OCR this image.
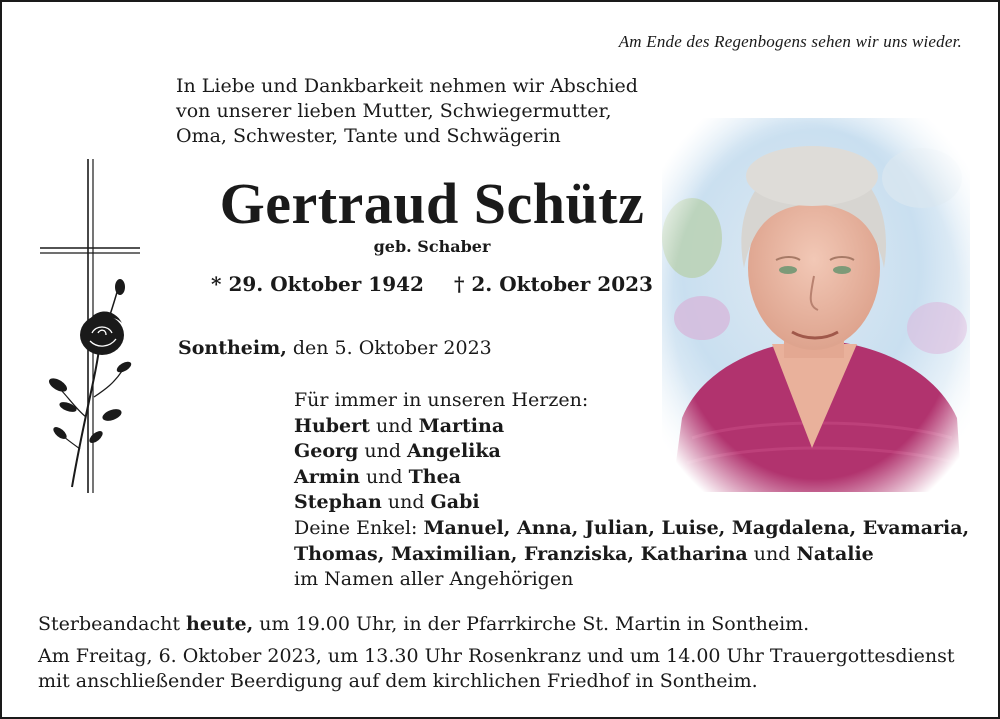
Am Ende des Regenbogens sehen wir uns wieder.
In Liebe und Dankbarkeit nehmen wir Abschied
von unserer lieben Mutter, Schwiegermutter,
Oma, Schwester, Tante und Schwägerin
Gertraud Schütz
geb. Schaber
* 29. Oktober 1942 † 2. Oktober 2023
Sontheim, den 5. Oktober 2023
Für immer in unseren Herzen:
Hubert und Martina
Georg und Angelika
Armin und Thea
Stephan und Gabi
Deine Enkel: Manuel, Anna, Julian, Luise, Magdalena, Evamaria,
Thomas, Maximilian, Franziska, Katharina und Natalie
im Namen aller Angehörigen
Sterbeandacht heute, um 19.00 Uhr, in der Pfarrkirche St. Martin in Sontheim.
Am Freitag, 6. Oktober 2023, um 13.30 Uhr Rosenkranz und um 14.00 Uhr Trauergottesdienst
mit anschließender Beerdigung auf dem kirchlichen Friedhof in Sontheim.
